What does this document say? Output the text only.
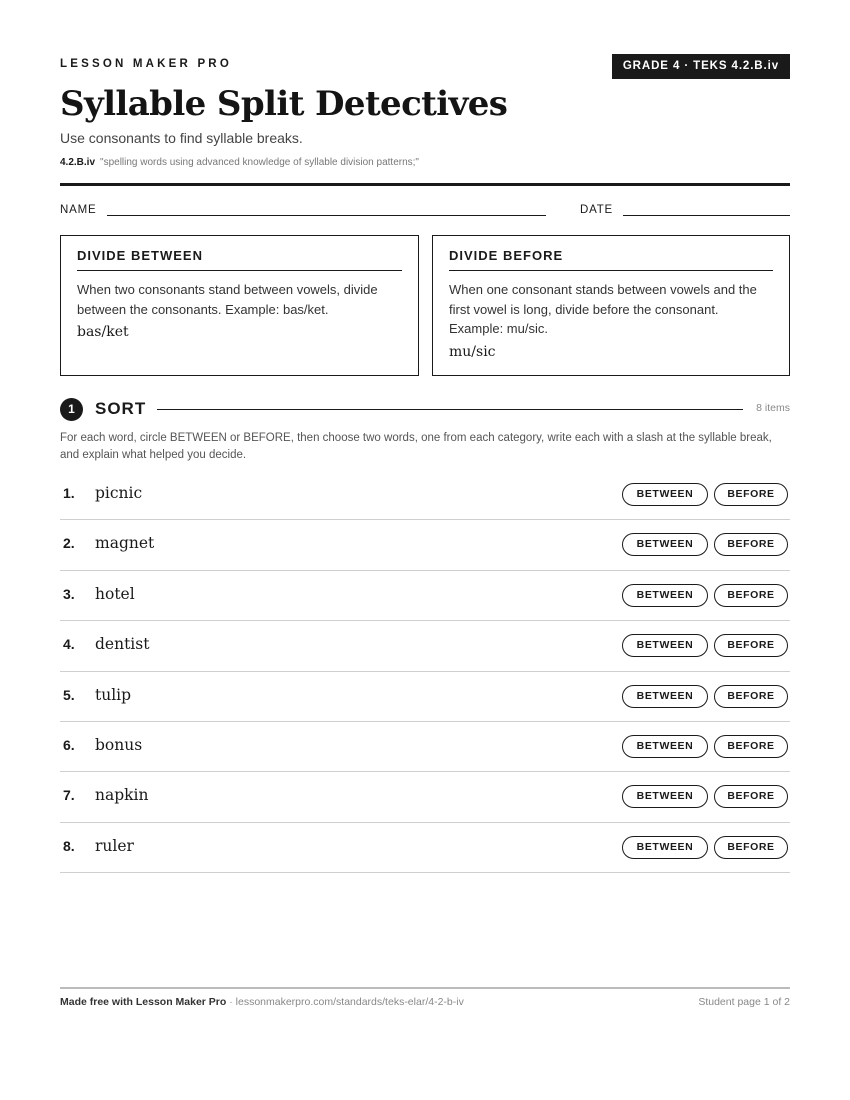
LESSON MAKER PRO	GRADE 4 · TEKS 4.2.B.iv
Syllable Split Detectives
Use consonants to find syllable breaks.
4.2.B.iv "spelling words using advanced knowledge of syllable division patterns;"
NAME	DATE
DIVIDE BETWEEN
When two consonants stand between vowels, divide between the consonants. Example: bas/ket.
bas/ket
DIVIDE BEFORE
When one consonant stands between vowels and the first vowel is long, divide before the consonant. Example: mu/sic.
mu/sic
1	SORT	8 items
For each word, circle BETWEEN or BEFORE, then choose two words, one from each category, write each with a slash at the syllable break, and explain what helped you decide.
1. picnic	BETWEEN	BEFORE
2. magnet	BETWEEN	BEFORE
3. hotel	BETWEEN	BEFORE
4. dentist	BETWEEN	BEFORE
5. tulip	BETWEEN	BEFORE
6. bonus	BETWEEN	BEFORE
7. napkin	BETWEEN	BEFORE
8. ruler	BETWEEN	BEFORE
Made free with Lesson Maker Pro · lessonmakerpro.com/standards/teks-elar/4-2-b-iv	Student page 1 of 2
